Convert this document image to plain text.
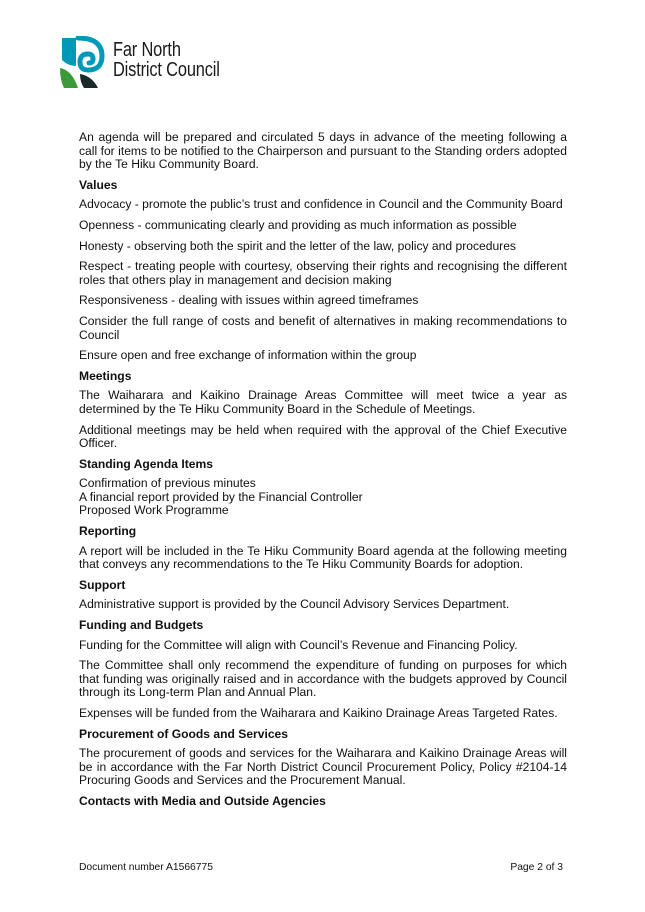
Far North
District Council

An agenda will be prepared and circulated 5 days in advance of the meeting following a call for items to be notified to the Chairperson and pursuant to the Standing orders adopted by the Te Hiku Community Board.

Values

Advocacy - promote the public’s trust and confidence in Council and the Community Board

Openness - communicating clearly and providing as much information as possible

Honesty - observing both the spirit and the letter of the law, policy and procedures

Respect - treating people with courtesy, observing their rights and recognising the different roles that others play in management and decision making

Responsiveness - dealing with issues within agreed timeframes

Consider the full range of costs and benefit of alternatives in making recommendations to Council

Ensure open and free exchange of information within the group

Meetings

The Waiharara and Kaikino Drainage Areas Committee will meet twice a year as determined by the Te Hiku Community Board in the Schedule of Meetings.

Additional meetings may be held when required with the approval of the Chief Executive Officer.

Standing Agenda Items

Confirmation of previous minutes
A financial report provided by the Financial Controller
Proposed Work Programme

Reporting

A report will be included in the Te Hiku Community Board agenda at the following meeting that conveys any recommendations to the Te Hiku Community Boards for adoption.

Support

Administrative support is provided by the Council Advisory Services Department.

Funding and Budgets

Funding for the Committee will align with Council’s Revenue and Financing Policy.

The Committee shall only recommend the expenditure of funding on purposes for which that funding was originally raised and in accordance with the budgets approved by Council through its Long-term Plan and Annual Plan.

Expenses will be funded from the Waiharara and Kaikino Drainage Areas Targeted Rates.

Procurement of Goods and Services

The procurement of goods and services for the Waiharara and Kaikino Drainage Areas will be in accordance with the Far North District Council Procurement Policy, Policy #2104-14 Procuring Goods and Services and the Procurement Manual.

Contacts with Media and Outside Agencies
Document number A1566775	Page 2 of 3
